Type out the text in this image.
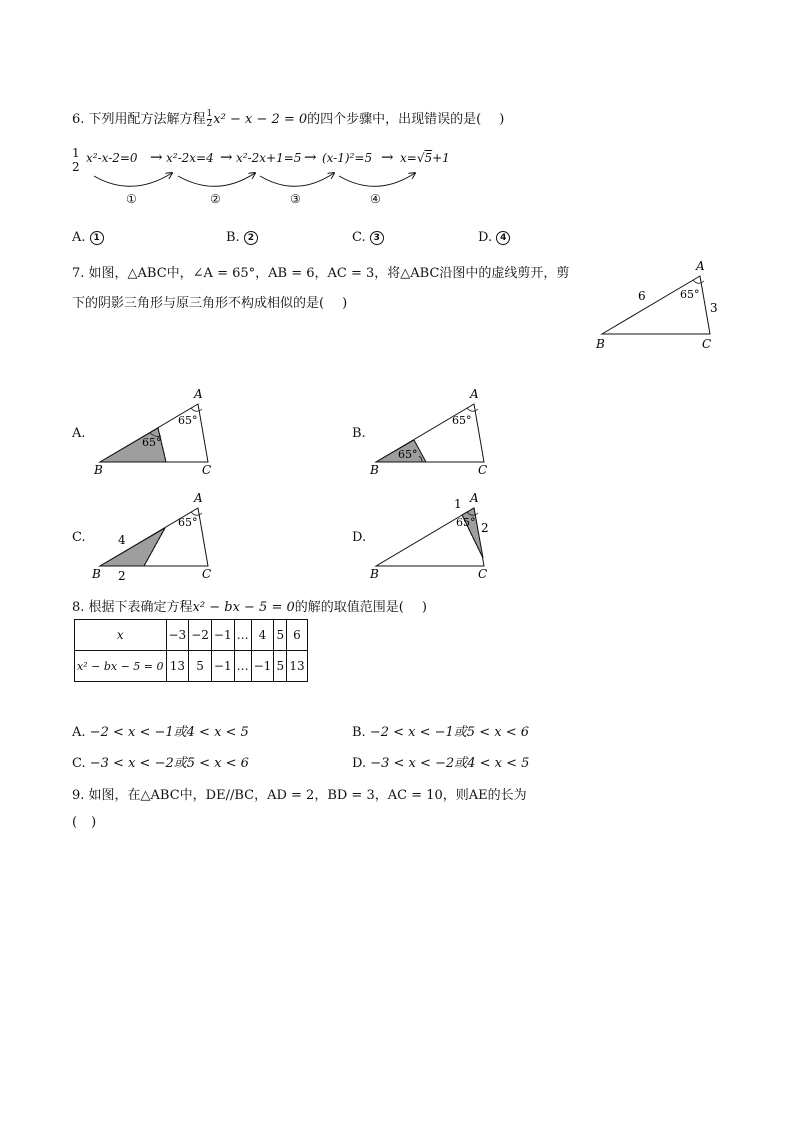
6. 下列用配方法解方程 $\frac{1}{2} x^2 - x - 2 = 0$的四个步骤中，出现错误的是( )
1
2
x²-x-2=0 → x²-2x=4 → x²-2x+1=5 → (x-1)²=5 → x=√5+1
①	②	③	④
A. 1	B. 2	C. 3	D. 4
7. 如图，△ABC中，∠A = 65°，AB = 6，AC = 3，将△ABC沿图中的虚线剪开，剪
下的阴影三角形与原三角形不构成相似的是( )
A
B	C
65°
6
3
A.
A
B	C
65°
65°
B.
A
B	C
65°
65°
C.
A
B	C
65°
4
2
D.
A
B	C
65°
1
2
8. 根据下表确定方程x² − bx − 5 = 0的解的取值范围是( )
x	−3	−2	−1	…	4	5	6
x² − bx − 5 = 0	13	5	−1	…	−1	5	13
A. −2 < x < −1或4 < x < 5	B. −2 < x < −1或5 < x < 6
C. −3 < x < −2或5 < x < 6	D. −3 < x < −2或4 < x < 5
9. 如图，在△ABC中，DE//BC，AD = 2，BD = 3，AC = 10，则AE的长为
( )
